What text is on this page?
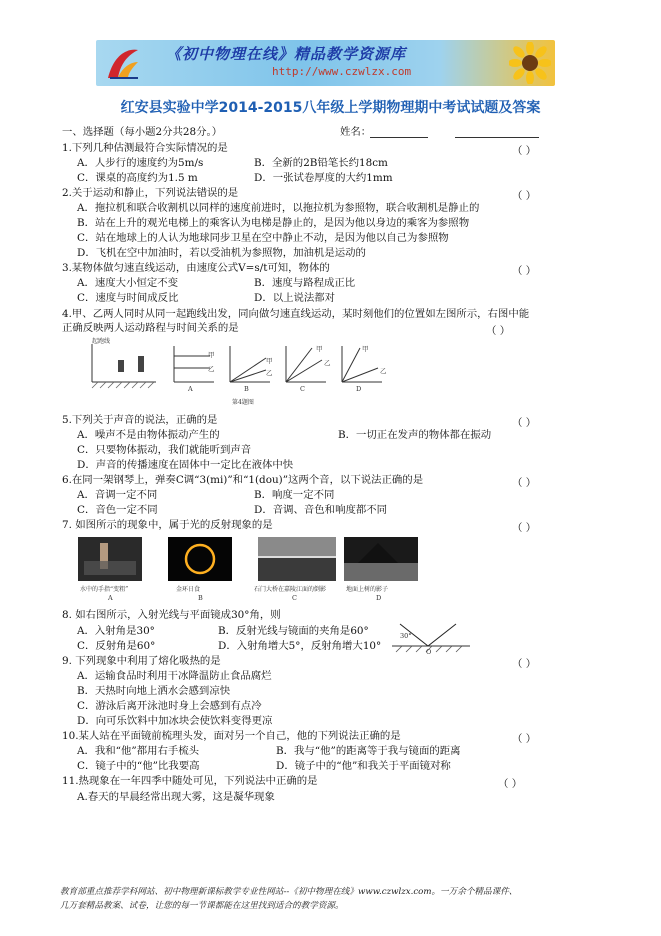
《初中物理在线》精品教学资源库
http://www.czwlzx.com
红安县实验中学2014-2015八年级上学期物理期中考试试题及答案
一、选择题（每小题2分共28分。）	姓名：
1.下列几种估测最符合实际情况的是	（ ）
A．人步行的速度约为5m/s	B．全新的2B铅笔长约18cm
C．课桌的高度约为1.5 m	D．一张试卷厚度的大约1mm
2.关于运动和静止，下列说法错误的是	（ ）
A．拖拉机和联合收割机以同样的速度前进时，以拖拉机为参照物，联合收割机是静止的
B．站在上升的观光电梯上的乘客认为电梯是静止的，是因为他以身边的乘客为参照物
C．站在地球上的人认为地球同步卫星在空中静止不动，是因为他以自己为参照物
D．飞机在空中加油时，若以受油机为参照物，加油机是运动的
3.某物体做匀速直线运动，由速度公式V=s/t可知，物体的	（ ）
A．速度大小恒定不变	B．速度与路程成正比
C．速度与时间成反比	D．以上说法都对
4.甲、乙两人同时从同一起跑线出发，同向做匀速直线运动，某时刻他们的位置如左图所示，右图中能
正确反映两人运动路程与时间关系的是	（ ）
起跑线
甲
乙
甲
乙
甲
乙
甲
乙
A	B	C	D
第4题图
5.下列关于声音的说法，正确的是	（ ）
A．噪声不是由物体振动产生的	B．一切正在发声的物体都在振动
C．只要物体振动，我们就能听到声音
D．声音的传播速度在固体中一定比在液体中快
6.在同一架钢琴上，弹奏C调“3(mi)”和“1(dou)”这两个音，以下说法正确的是	（ ）
A．音调一定不同	B．响度一定不同
C．音色一定不同	D．音调、音色和响度都不同
7. 如图所示的现象中，属于光的反射现象的是	（ ）
水中的手指“变粗”	金环日食	石门大桥在嘉陵江面的倒影	地面上树的影子
A	B	C	D
8. 如右图所示，入射光线与平面镜成30°角，则
30°
O
A．入射角是30°	B．反射光线与镜面的夹角是60°
C．反射角是60°	D．入射角增大5°，反射角增大10°
9. 下列现象中利用了熔化吸热的是	（ ）
A．运输食品时利用干冰降温防止食品腐烂
B．天热时向地上洒水会感到凉快
C．游泳后离开泳池时身上会感到有点冷
D．向可乐饮料中加冰块会使饮料变得更凉
10.某人站在平面镜前梳理头发，面对另一个自己，他的下列说法正确的是	（ ）
A．我和“他”都用右手梳头	B．我与“他”的距离等于我与镜面的距离
C．镜子中的“他”比我要高	D．镜子中的“他”和我关于平面镜对称
11.热现象在一年四季中随处可见，下列说法中正确的是	（ ）
A.春天的早晨经常出现大雾，这是凝华现象
教育部重点推荐学科网站、初中物理新课标教学专业性网站--《初中物理在线》www.czwlzx.com。一万余个精品课件、
几万套精品教案、试卷，让您的每一节课都能在这里找到适合的教学资源。
